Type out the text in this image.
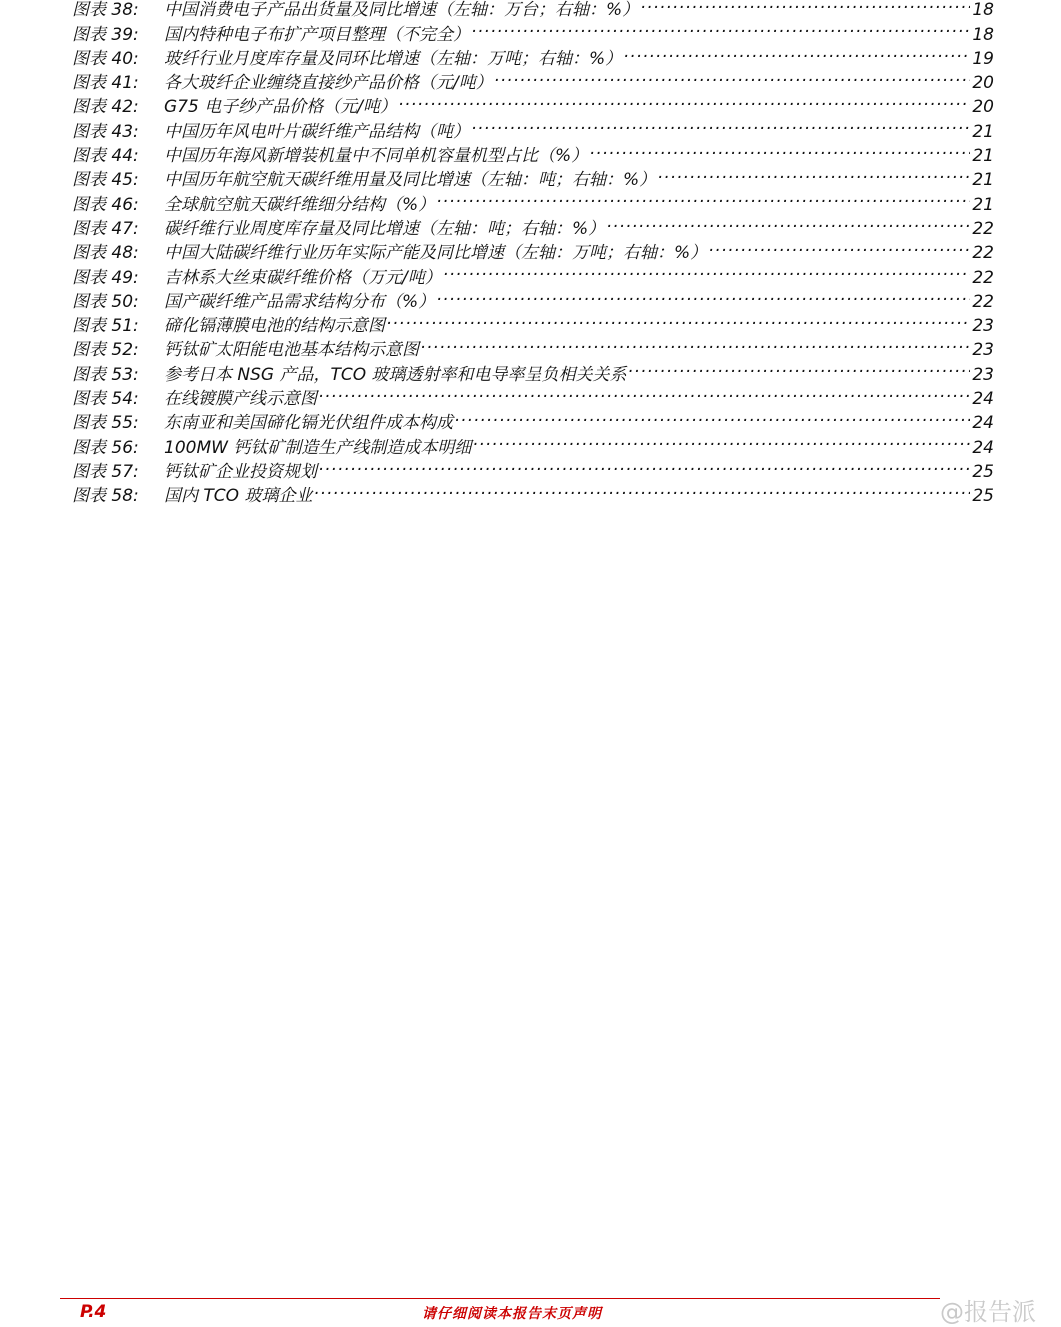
图表 38:	中国消费电子产品出货量及同比增速（左轴：万台；右轴：%） .....	18
图表 39:	国内特种电子布扩产项目整理（不完全） .....	18
图表 40:	玻纤行业月度库存量及同环比增速（左轴：万吨；右轴：%） .....	19
图表 41:	各大玻纤企业缠绕直接纱产品价格（元/吨） .....	20
图表 42:	G75 电子纱产品价格（元/吨） .....	20
图表 43:	中国历年风电叶片碳纤维产品结构（吨） .....	21
图表 44:	中国历年海风新增装机量中不同单机容量机型占比（%） .....	21
图表 45:	中国历年航空航天碳纤维用量及同比增速（左轴：吨；右轴：%） .....	21
图表 46:	全球航空航天碳纤维细分结构（%） .....	21
图表 47:	碳纤维行业周度库存量及同比增速（左轴：吨；右轴：%） .....	22
图表 48:	中国大陆碳纤维行业历年实际产能及同比增速（左轴：万吨；右轴：%） .....	22
图表 49:	吉林系大丝束碳纤维价格（万元/吨） .....	22
图表 50:	国产碳纤维产品需求结构分布（%） .....	22
图表 51:	碲化镉薄膜电池的结构示意图 .....	23
图表 52:	钙钛矿太阳能电池基本结构示意图 .....	23
图表 53:	参考日本 NSG 产品，TCO 玻璃透射率和电导率呈负相关关系 .....	23
图表 54:	在线镀膜产线示意图 .....	24
图表 55:	东南亚和美国碲化镉光伏组件成本构成 .....	24
图表 56:	100MW 钙钛矿制造生产线制造成本明细 .....	24
图表 57:	钙钛矿企业投资规划 .....	25
图表 58:	国内 TCO 玻璃企业 .....	25
P.4	请仔细阅读本报告末页声明	@报告派
